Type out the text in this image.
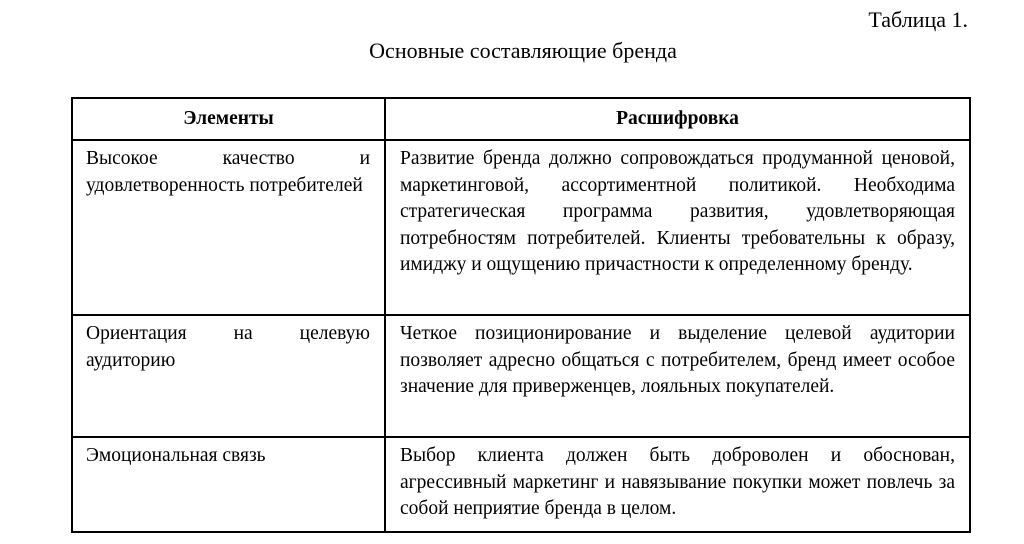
Таблица 1.
Основные составляющие бренда
Элементы	Расшифровка
Высокое качество и удовлетворенность потребителей	Развитие бренда должно сопровождаться продуманной ценовой, маркетинговой, ассортиментной политикой. Необходима стратегическая программа развития, удовлетворяющая потребностям потребителей. Клиенты требовательны к образу, имиджу и ощущению причастности к определенному бренду.
Ориентация на целевую аудиторию	Четкое позиционирование и выделение целевой аудитории позволяет адресно общаться с потребителем, бренд имеет особое значение для приверженцев, лояльных покупателей.
Эмоциональная связь	Выбор клиента должен быть доброволен и обоснован, агрессивный маркетинг и навязывание покупки может повлечь за собой неприятие бренда в целом.
